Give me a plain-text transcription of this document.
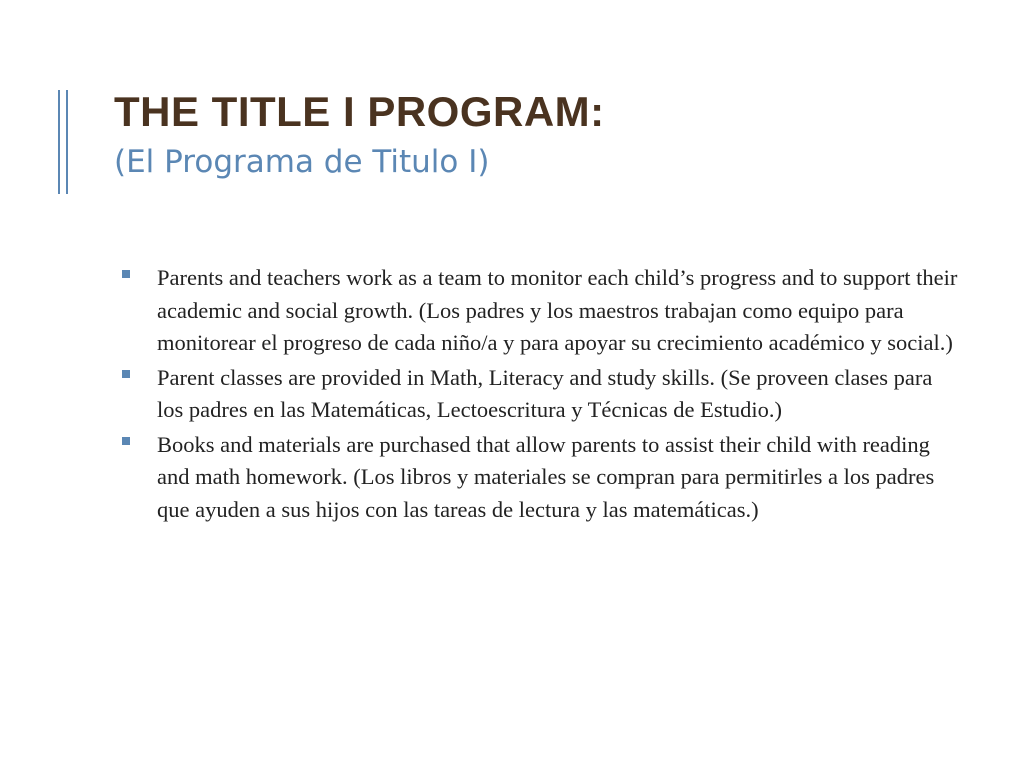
THE TITLE I PROGRAM:
(El Programa de Titulo I)
Parents and teachers work as a team to monitor each child’s progress and to support their academic and social growth. (Los padres y los maestros trabajan como equipo para monitorear el progreso de cada niño/a y para apoyar su crecimiento académico y social.)
Parent classes are provided in Math, Literacy and study skills. (Se proveen clases para los padres en las Matemáticas, Lectoescritura y Técnicas de Estudio.)
Books and materials are purchased that allow parents to assist their child with reading and math homework. (Los libros y materiales se compran para permitirles a los padres que ayuden a sus hijos con las tareas de lectura y las matemáticas.)
